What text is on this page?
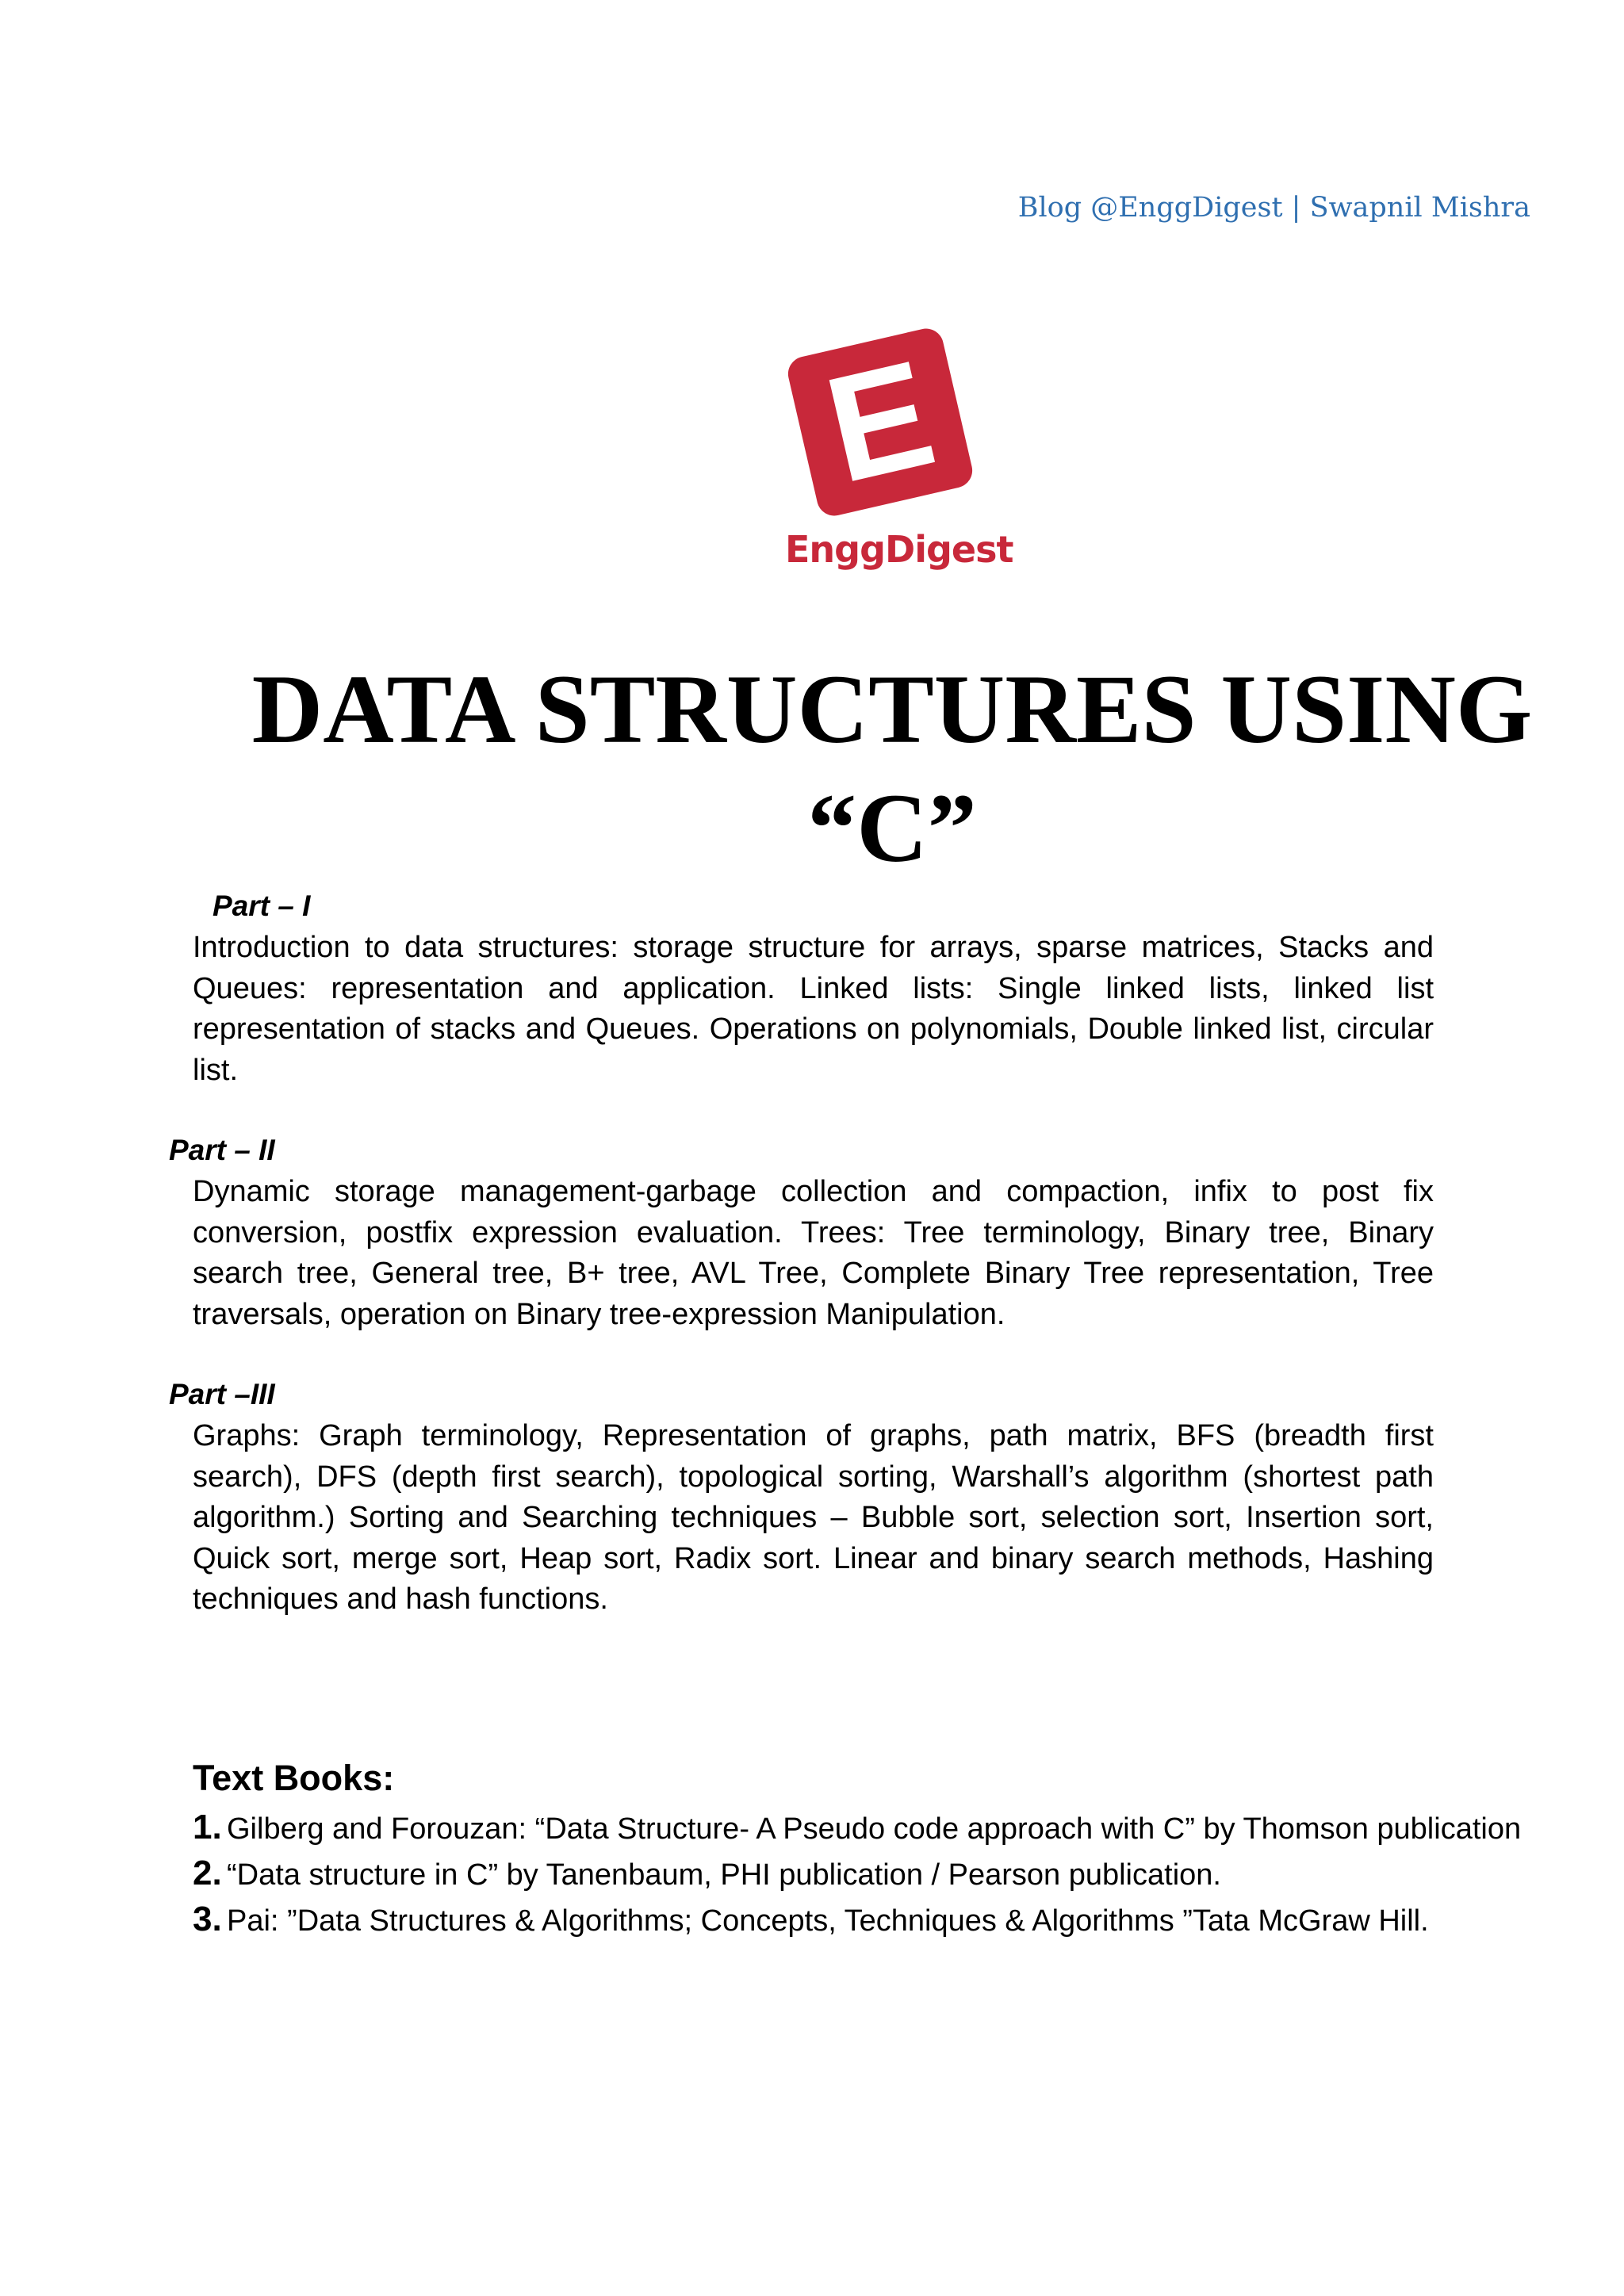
Blog @EnggDigest | Swapnil Mishra
E
EnggDigest
DATA STRUCTURES USING “C”
Part – I
Introduction to data structures: storage structure for arrays, sparse matrices, Stacks and Queues: representation and application. Linked lists: Single linked lists, linked list representation of stacks and Queues. Operations on polynomials, Double linked list, circular list.
Part – II
Dynamic storage management-garbage collection and compaction, infix to post fix conversion, postfix expression evaluation. Trees: Tree terminology, Binary tree, Binary search tree, General tree, B+ tree, AVL Tree, Complete Binary Tree representation, Tree traversals, operation on Binary tree-expression Manipulation.
Part –III
Graphs: Graph terminology, Representation of graphs, path matrix, BFS (breadth first search), DFS (depth first search), topological sorting, Warshall’s algorithm (shortest path algorithm.) Sorting and Searching techniques – Bubble sort, selection sort, Insertion sort, Quick sort, merge sort, Heap sort, Radix sort. Linear and binary search methods, Hashing techniques and hash functions.
Text Books:
1. Gilberg and Forouzan: “Data Structure- A Pseudo code approach with C” by Thomson publication
2. “Data structure in C” by Tanenbaum, PHI publication / Pearson publication.
3. Pai: ”Data Structures & Algorithms; Concepts, Techniques & Algorithms ”Tata McGraw Hill.
